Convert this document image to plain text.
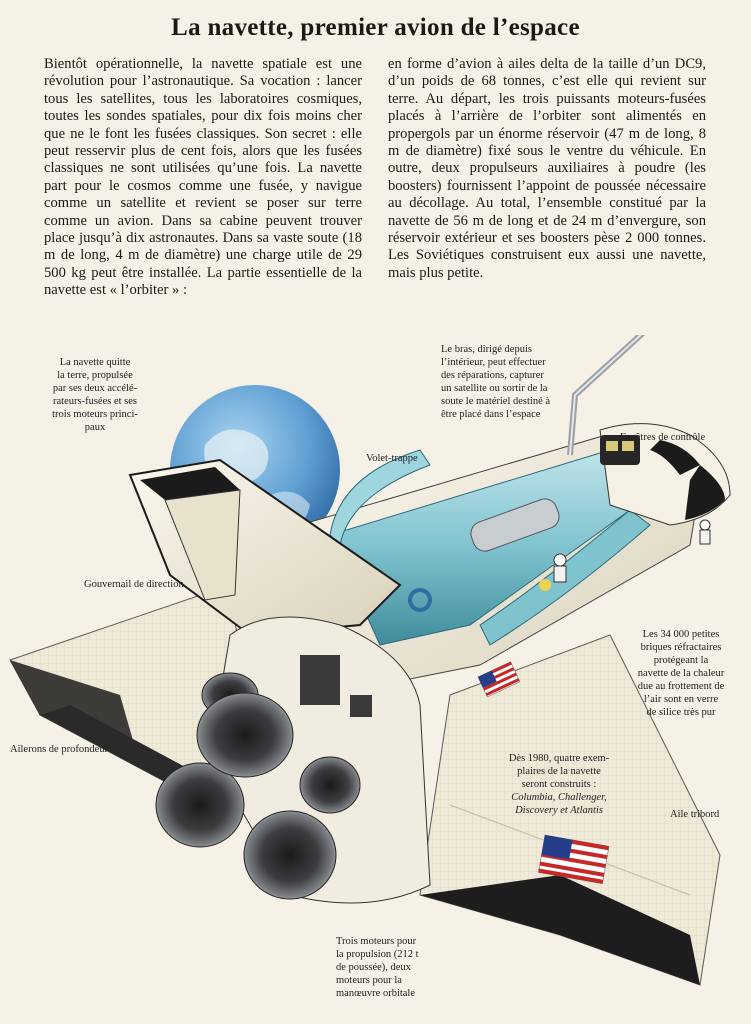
La navette, premier avion de l’espace

Bientôt opérationnelle, la navette spatiale est une révolution pour l’astronautique. Sa vocation : lancer tous les satellites, tous les laboratoires cosmiques, toutes les sondes spatiales, pour dix fois moins cher que ne le font les fusées classiques. Son secret : elle peut resservir plus de cent fois, alors que les fusées classiques ne sont utilisées qu’une fois. La navette part pour le cosmos comme une fusée, y navigue comme un satellite et revient se poser sur terre comme un avion. Dans sa cabine peuvent trouver place jusqu’à dix astronautes. Dans sa vaste soute (18 m de long, 4 m de diamètre) une charge utile de 29 500 kg peut être installée. La partie essentielle de la navette est « l’orbiter » :

en forme d’avion à ailes delta de la taille d’un DC9, d’un poids de 68 tonnes, c’est elle qui revient sur terre. Au départ, les trois puissants moteurs-fusées placés à l’arrière de l’orbiter sont alimentés en propergols par un énorme réservoir (47 m de long, 8 m de diamètre) fixé sous le ventre du véhicule. En outre, deux propulseurs auxiliaires à poudre (les boosters) fournissent l’appoint de poussée nécessaire au décollage. Au total, l’ensemble constitué par la navette de 56 m de long et de 24 m d’envergure, son réservoir extérieur et ses boosters pèse 2 000 tonnes. Les Soviétiques construisent eux aussi une navette, mais plus petite.

La navette quitte
la terre, propulsée
par ses deux accélé-
rateurs-fusées et ses
trois moteurs princi-
paux

Le bras, dirigé depuis
l’intérieur, peut effectuer
des réparations, capturer
un satellite ou sortir de la
soute le matériel destiné à
être placé dans l’espace

Fenêtres de contrôle

Volet-trappe

Gouvernail de direction

Les 34 000 petites
briques réfractaires
protégeant la
navette de la chaleur
due au frottement de
l’air sont en verre
de silice très pur

Ailerons de profondeur

Dès 1980, quatre exem-
plaires de la navette
seront construits :
Columbia, Challenger,
Discovery et Atlantis	Aile tribord

Trois moteurs pour
la propulsion (212 t
de poussée), deux
moteurs pour la
manœuvre orbitale
